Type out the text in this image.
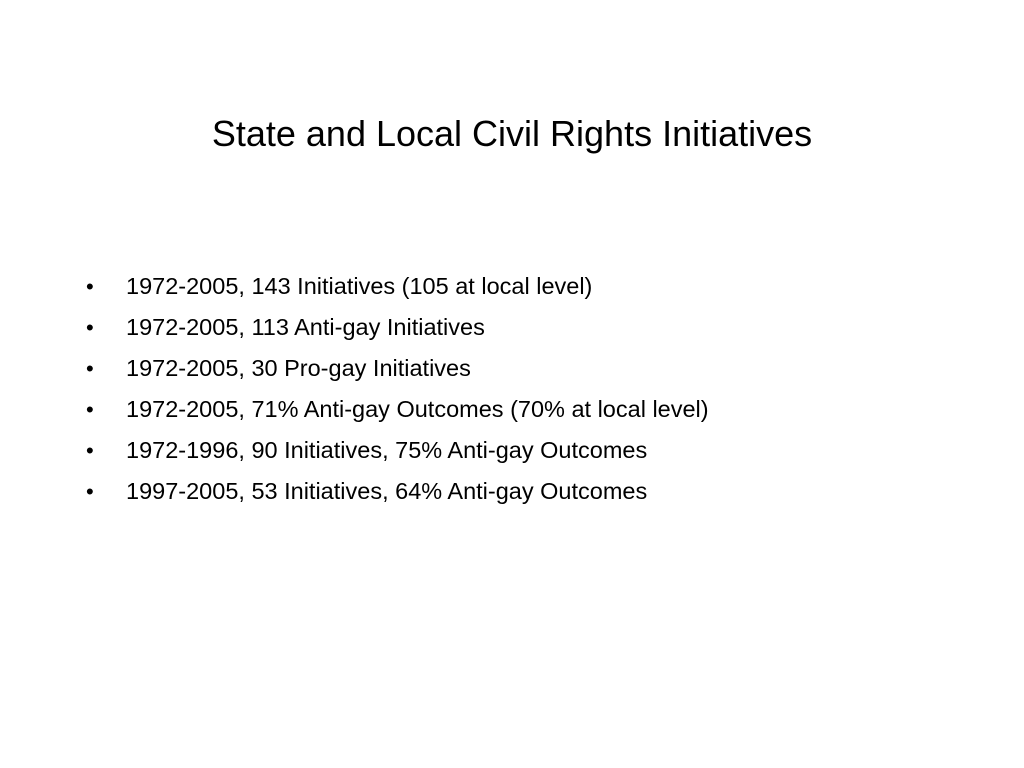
State and Local Civil Rights Initiatives
•	1972-2005, 143 Initiatives (105 at local level)
•	1972-2005, 113 Anti-gay Initiatives
•	1972-2005, 30 Pro-gay Initiatives
•	1972-2005, 71% Anti-gay Outcomes (70% at local level)
•	1972-1996, 90 Initiatives, 75% Anti-gay Outcomes
•	1997-2005, 53 Initiatives, 64% Anti-gay Outcomes
